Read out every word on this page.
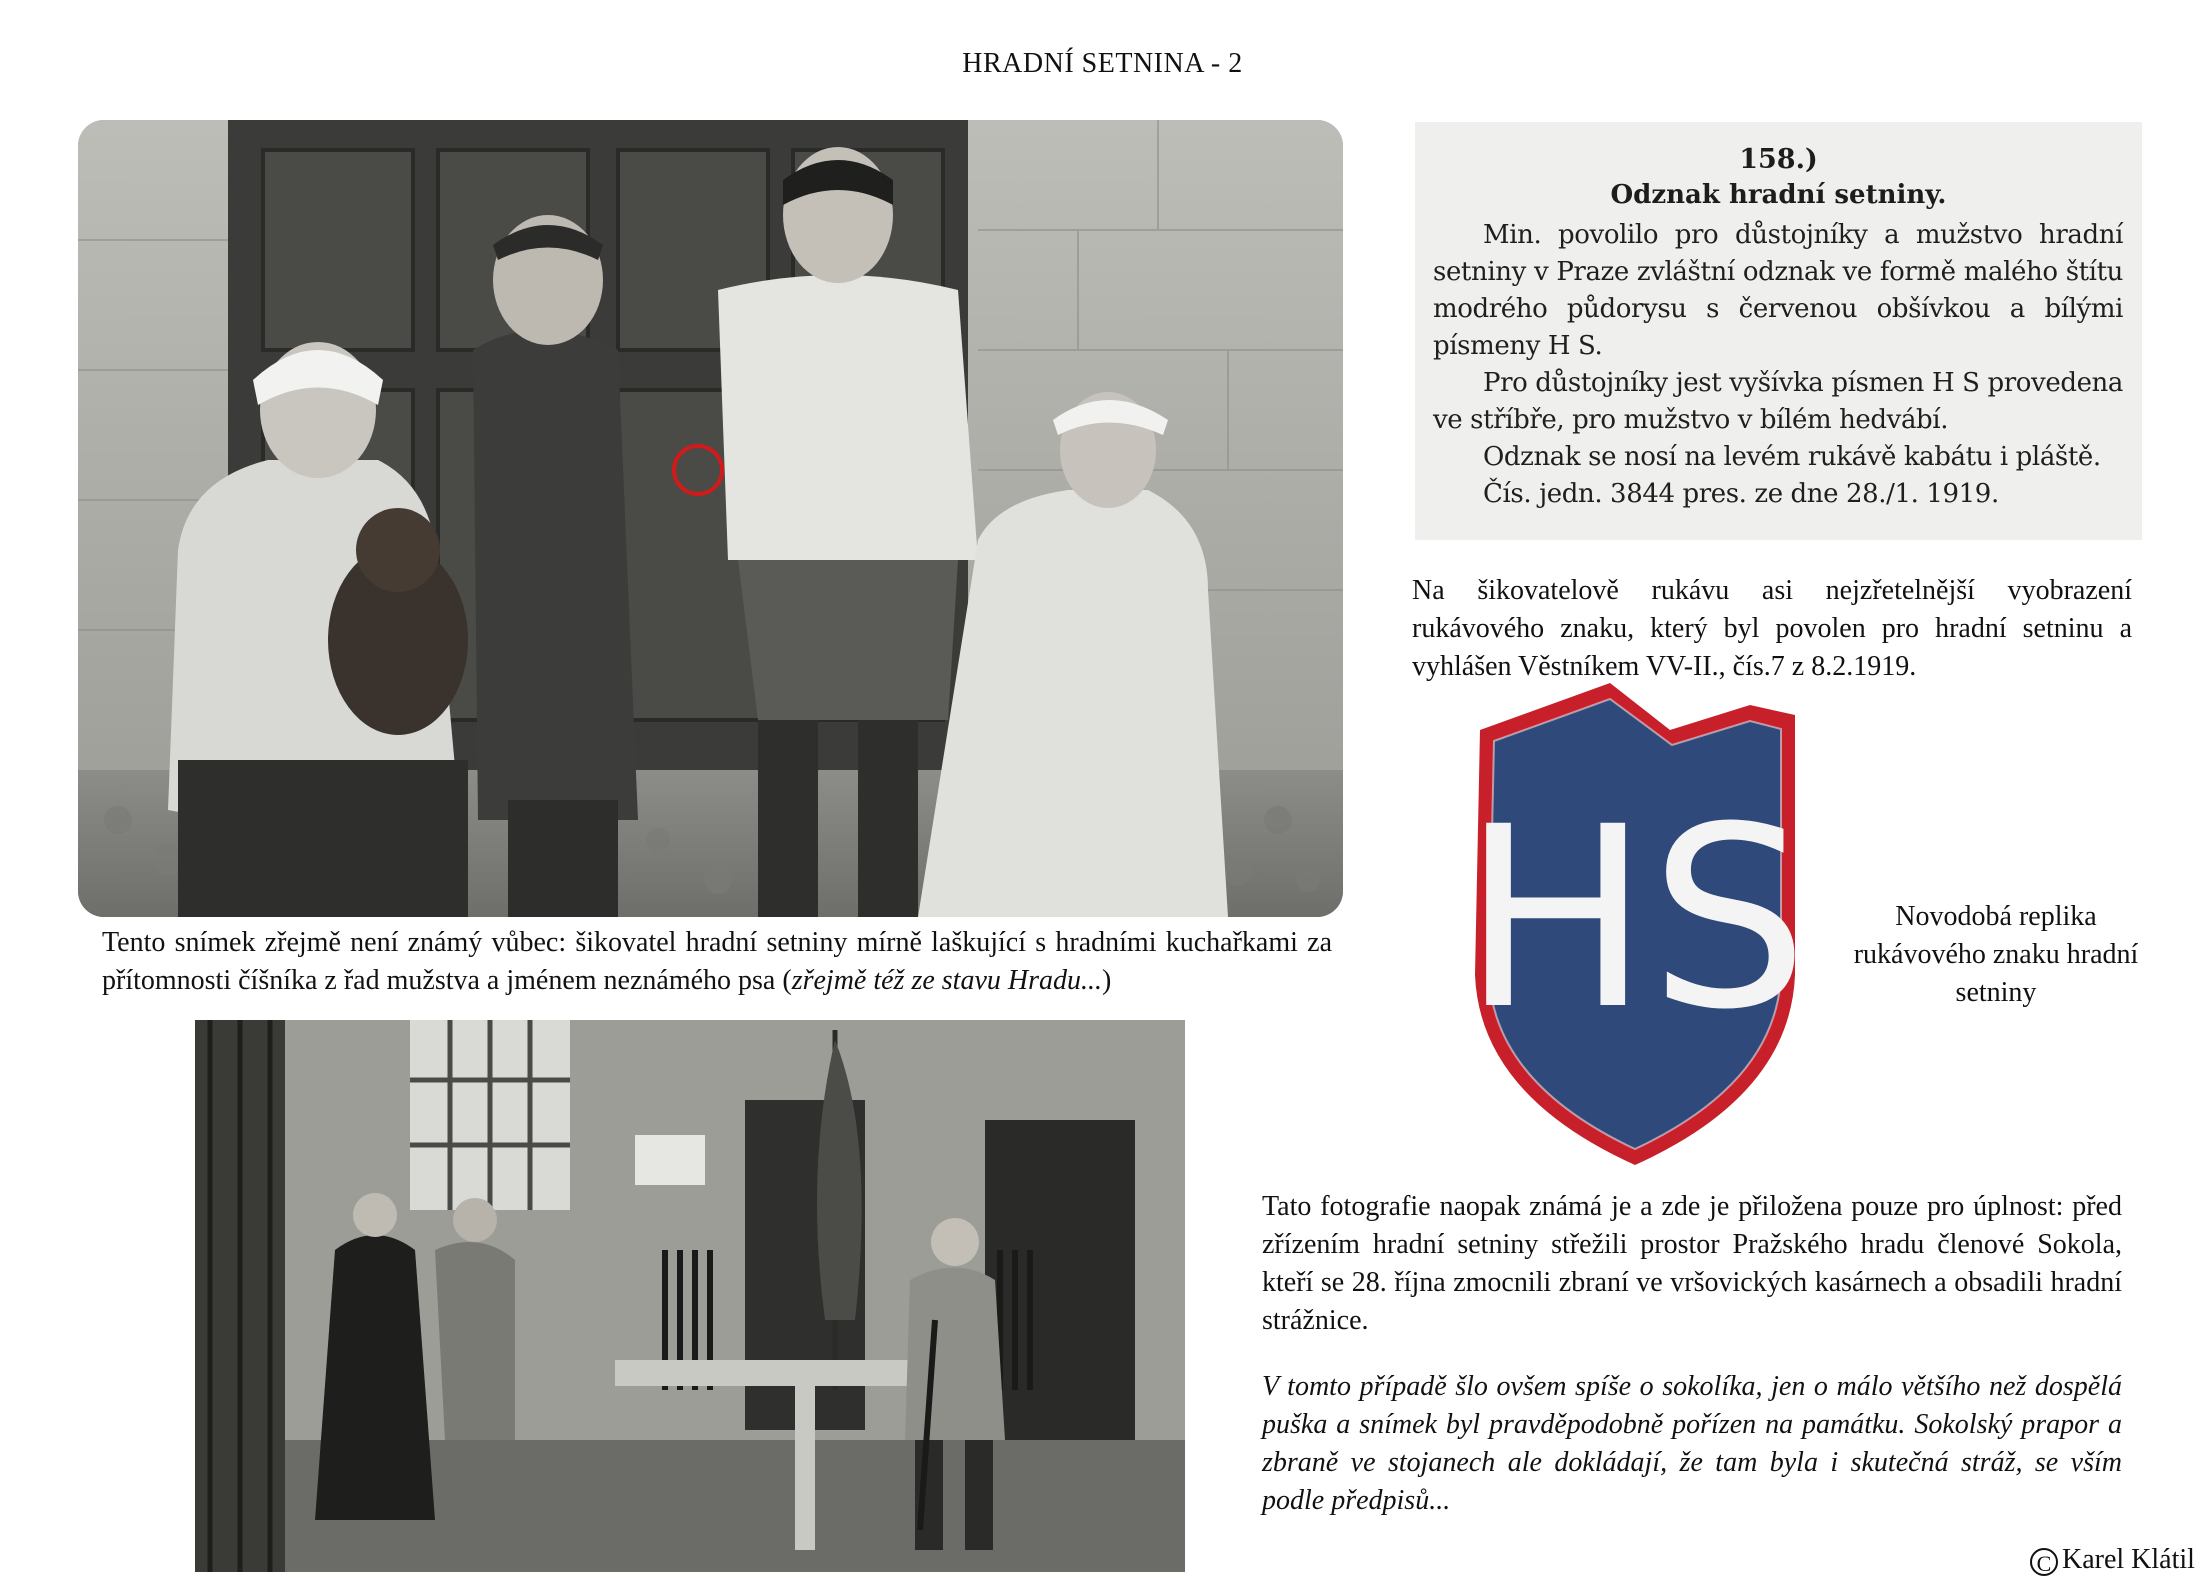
HRADNÍ SETNINA - 2
158.)
Odznak hradní setniny.

Min. povolilo pro důstojníky a mužstvo hradní setniny v Praze zvláštní odznak ve formě malého štítu modrého půdorysu s červenou obšívkou a bílými písmeny H S.

Pro důstojníky jest vyšívka písmen H S provedena ve stříbře, pro mužstvo v bílém hedvábí.

Odznak se nosí na levém rukávě kabátu i pláště.

Čís. jedn. 3844 pres. ze dne 28./1. 1919.

Tento snímek zřejmě není známý vůbec: šikovatel hradní setniny mírně laškující s hradními kuchařkami za přítomnosti číšníka z řad mužstva a jménem neznámého psa (zřejmě též ze stavu Hradu...)
Na šikovatelově rukávu asi nejzřetelnější vyobrazení rukávového znaku, který byl povolen pro hradní setninu a vyhlášen Věstníkem VV-II., čís.7 z 8.2.1919.
HS	Novodobá replika rukávového znaku hradní setniny
Tato fotografie naopak známá je a zde je přiložena pouze pro úplnost: před zřízením hradní setniny střežili prostor Pražského hradu členové Sokola, kteří se 28. října zmocnili zbraní ve vršovických kasárnech a obsadili hradní strážnice.
V tomto případě šlo ovšem spíše o sokolíka, jen o málo většího než dospělá puška a snímek byl pravděpodobně pořízen na památku. Sokolský prapor a zbraně ve stojanech ale dokládají, že tam byla i skutečná stráž, se vším podle předpisů...
C Karel Klátil
